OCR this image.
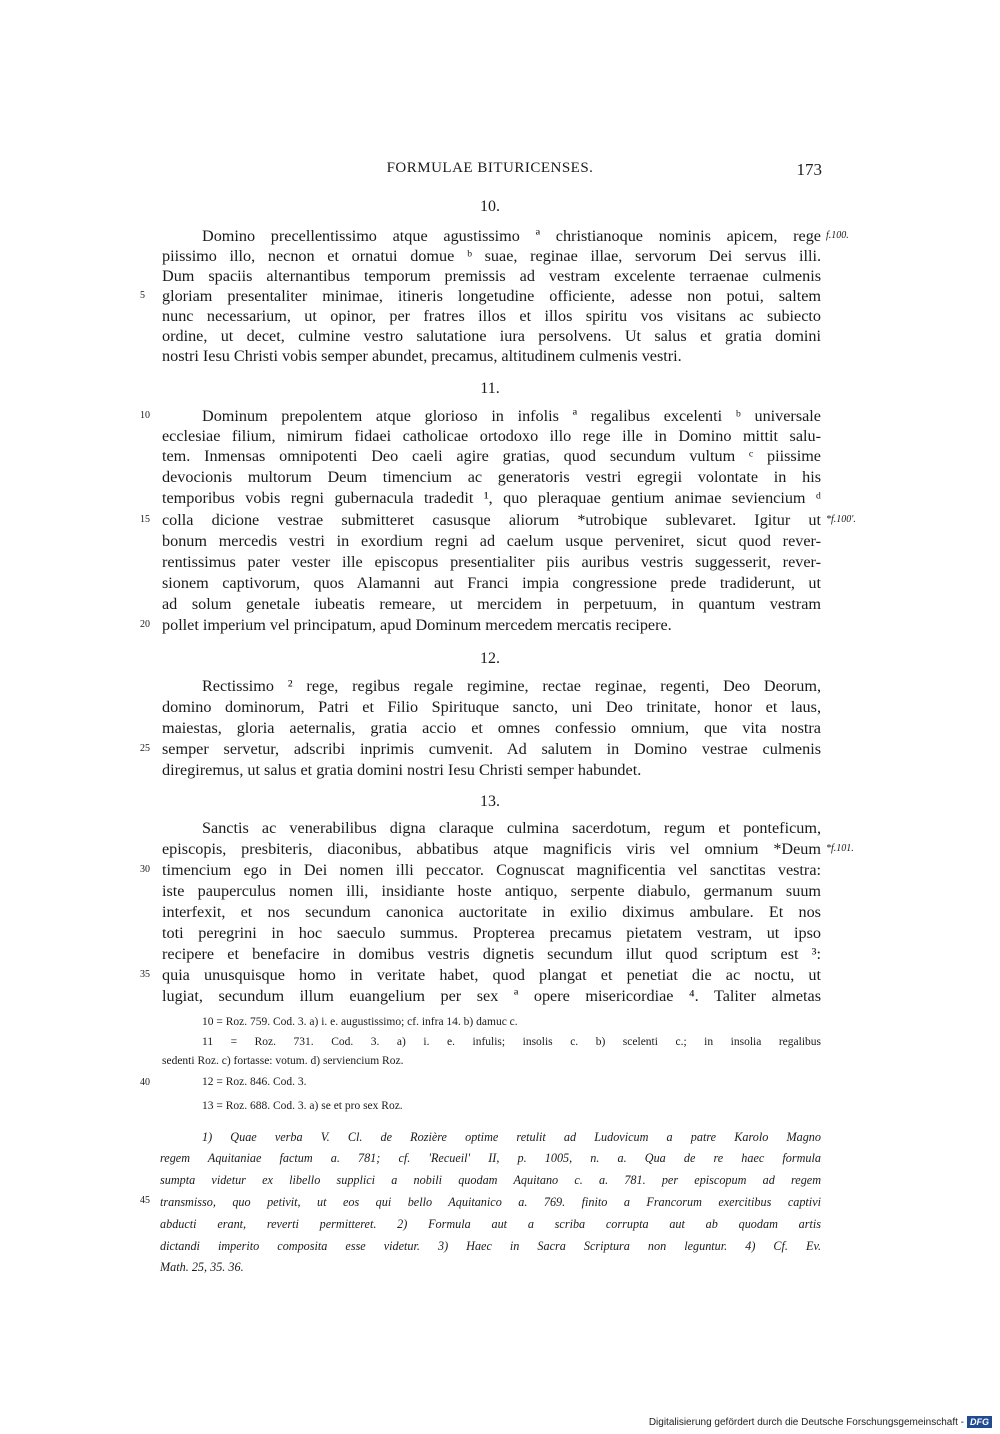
FORMULAE BITURICENSES.	173
10.
Domino precellentissimo atque agustissimo ª christianoque nominis apicem, rege
piissimo illo, necnon et ornatui domue ᵇ suae, reginae illae, servorum Dei servus illi.
Dum spaciis alternantibus temporum premissis ad vestram excelente terraenae culmenis
gloriam presentaliter minimae, itineris longetudine officiente, adesse non potui, saltem
nunc necessarium, ut opinor, per fratres illos et illos spiritu vos visitans ac subiecto
ordine, ut decet, culmine vestro salutatione iura persolvens. Ut salus et gratia domini
nostri Iesu Christi vobis semper abundet, precamus, altitudinem culmenis vestri.
11.
Dominum prepolentem atque glorioso in infolis ª regalibus excelenti ᵇ universale
ecclesiae filium, nimirum fidaei catholicae ortodoxo illo rege ille in Domino mittit salu-
tem. Inmensas omnipotenti Deo caeli agire gratias, quod secundum vultum ᶜ piissime
devocionis multorum Deum timencium ac generatoris vestri egregii volontate in his
temporibus vobis regni gubernacula tradedit ¹, quo pleraquae gentium animae seviencium ᵈ
colla dicione vestrae submitteret casusque aliorum *utrobique sublevaret. Igitur ut
bonum mercedis vestri in exordium regni ad caelum usque perveniret, sicut quod rever-
rentissimus pater vester ille episcopus presentialiter piis auribus vestris suggesserit, rever-
sionem captivorum, quos Alamanni aut Franci impia congressione prede tradiderunt, ut
ad solum genetale iubeatis remeare, ut mercidem in perpetuum, in quantum vestram
pollet imperium vel principatum, apud Dominum mercedem mercatis recipere.
12.
Rectissimo ² rege, regibus regale regimine, rectae reginae, regenti, Deo Deorum,
domino dominorum, Patri et Filio Spirituque sancto, uni Deo trinitate, honor et laus,
maiestas, gloria aeternalis, gratia accio et omnes confessio omnium, que vita nostra
semper servetur, adscribi inprimis cumvenit. Ad salutem in Domino vestrae culmenis
diregiremus, ut salus et gratia domini nostri Iesu Christi semper habundet.
13.
Sanctis ac venerabilibus digna claraque culmina sacerdotum, regum et ponteficum,
episcopis, presbiteris, diaconibus, abbatibus atque magnificis viris vel omnium *Deum
timencium ego in Dei nomen illi peccator. Cognuscat magnificentia vel sanctitas vestra:
iste pauperculus nomen illi, insidiante hoste antiquo, serpente diabulo, germanum suum
interfexit, et nos secundum canonica auctoritate in exilio diximus ambulare. Et nos
toti peregrini in hoc saeculo summus. Propterea precamus pietatem vestram, ut ipso
recipere et benefacire in domibus vestris dignetis secundum illut quod scriptum est ³:
quia unusquisque homo in veritate habet, quod plangat et penetiat die ac noctu, ut
lugiat, secundum illum euangelium per sex ª opere misericordiae ⁴. Taliter almetas
5
10
15
20
25
30
35
40
45
f.100.
*f.100'.
*f.101.
10 = Roz. 759. Cod. 3. a) i. e. augustissimo; cf. infra 14. b) damuc c.
11 = Roz. 731. Cod. 3. a) i. e. infulis; insolis c. b) scelenti c.; in insolia regalibus
sedenti Roz. c) fortasse: votum. d) serviencium Roz.
12 = Roz. 846. Cod. 3.
13 = Roz. 688. Cod. 3. a) se et pro sex Roz.
1) Quae verba V. Cl. de Rozière optime retulit ad Ludovicum a patre Karolo Magno
regem Aquitaniae factum a. 781; cf. 'Recueil' II, p. 1005, n. a. Qua de re haec formula
sumpta videtur ex libello supplici a nobili quodam Aquitano c. a. 781. per episcopum ad regem
transmisso, quo petivit, ut eos qui bello Aquitanico a. 769. finito a Francorum exercitibus captivi
abducti erant, reverti permitteret. 2) Formula aut a scriba corrupta aut ab quodam artis
dictandi imperito composita esse videtur. 3) Haec in Sacra Scriptura non leguntur. 4) Cf. Ev.
Math. 25, 35. 36.
Digitalisierung gefördert durch die Deutsche Forschungsgemeinschaft - DFG
